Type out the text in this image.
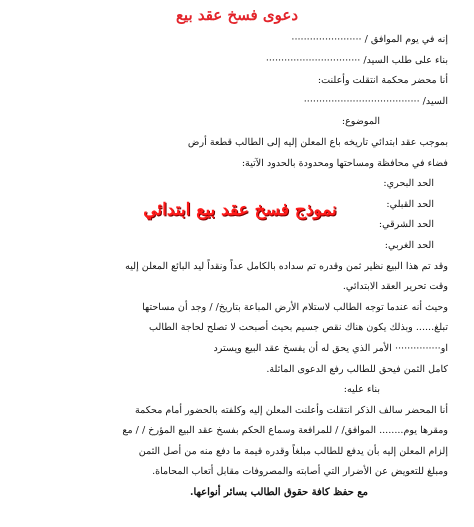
دعوى فسخ عقد بيع
إنه في يوم الموافق / ·······················
بناء على طلب السيد/ ·······························
أنا محضر محكمة انتقلت وأعلنت:
السيد/ ······································
الموضوع:
بموجب عقد ابتدائي تاريخه باع المعلن إليه إلى الطالب قطعة أرض
فضاء في محافظة ومساحتها ومحدودة بالحدود الآتية:
الحد البحري:
الحد القبلي:
الحد الشرقي:
الحد الغربي:
وقد تم هذا البيع نظير ثمن وقدره تم سداده بالكامل عداً ونقداً ليد البائع المعلن إليه
وقت تحرير العقد الابتدائي.
وحيث أنه عندما توجه الطالب لاستلام الأرض المباعة بتاريخ/ / وجد أن مساحتها
تبلغ...... وبذلك يكون هناك نقص جسيم بحيث أصبحت لا تصلح لحاجة الطالب
او··············· الأمر الذي يحق له أن يفسخ عقد البيع ويسترد
كامل الثمن فيحق للطالب رفع الدعوى الماثلة.
بناء عليه:
أنا المحضر سالف الذكر انتقلت وأعلنت المعلن إليه وكلفته بالحضور أمام محكمة
ومقرها يوم........ الموافق/ / للمرافعة وسماع الحكم بفسخ عقد البيع المؤرخ / / مع
إلزام المعلن إليه بأن يدفع للطالب مبلغاً وقدره قيمة ما دفع منه من أصل الثمن
ومبلغ للتعويض عن الأضرار التي أصابته والمصروفات مقابل أتعاب المحاماة.
مع حفظ كافة حقوق الطالب بسائر أنواعها.
نموذج فسخ عقد بيع ابتدائي
